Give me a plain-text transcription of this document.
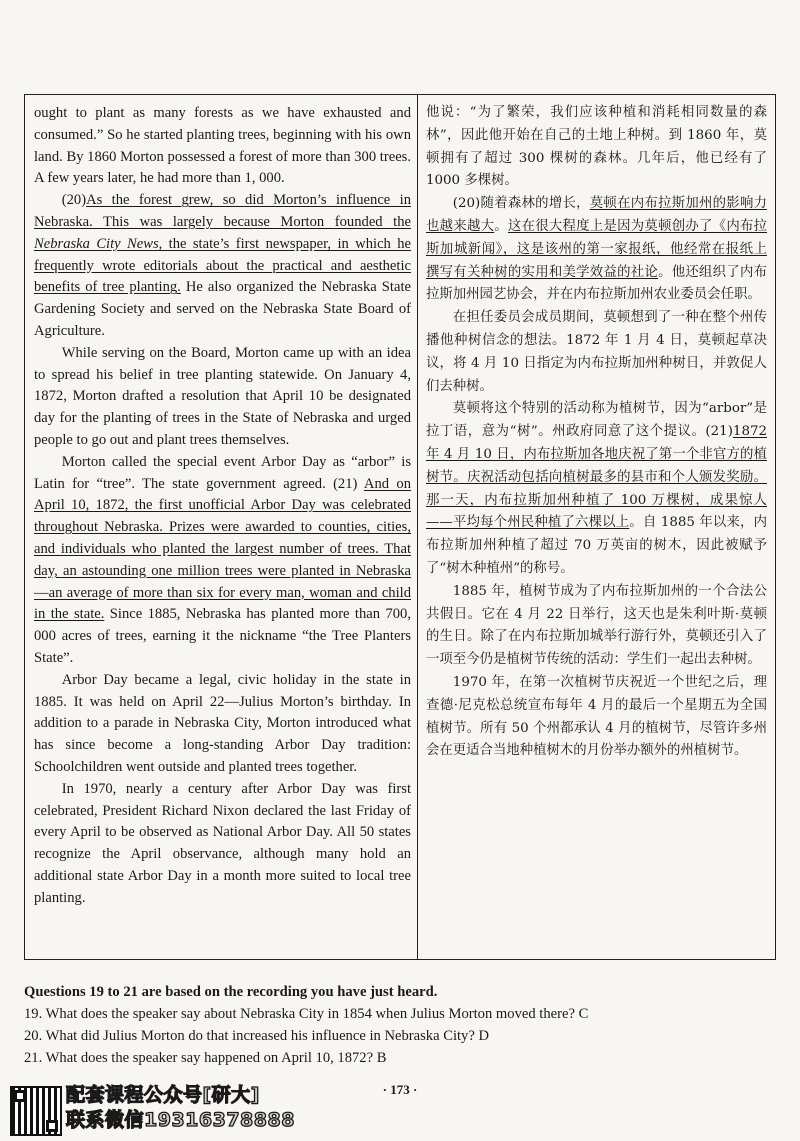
ought to plant as many forests as we have exhausted and consumed.” So he started planting trees, beginning with his own land. By 1860 Morton possessed a forest of more than 300 trees. A few years later, he had more than 1, 000.

(20)As the forest grew, so did Morton’s influence in Nebraska. This was largely because Morton founded the Nebraska City News, the state’s first newspaper, in which he frequently wrote editorials about the practical and aesthetic benefits of tree planting. He also organized the Nebraska State Gardening Society and served on the Nebraska State Board of Agriculture.

While serving on the Board, Morton came up with an idea to spread his belief in tree planting statewide. On January 4, 1872, Morton drafted a resolution that April 10 be designated day for the planting of trees in the State of Nebraska and urged people to go out and plant trees themselves.

Morton called the special event Arbor Day as “arbor” is Latin for “tree”. The state government agreed. (21) And on April 10, 1872, the first unofficial Arbor Day was celebrated throughout Nebraska. Prizes were awarded to counties, cities, and individuals who planted the largest number of trees. That day, an astounding one million trees were planted in Nebraska—an average of more than six for every man, woman and child in the state. Since 1885, Nebraska has planted more than 700, 000 acres of trees, earning it the nickname “the Tree Planters State”.

Arbor Day became a legal, civic holiday in the state in 1885. It was held on April 22—Julius Morton’s birthday. In addition to a parade in Nebraska City, Morton introduced what has since become a long-standing Arbor Day tradition: Schoolchildren went outside and planted trees together.

In 1970, nearly a century after Arbor Day was first celebrated, President Richard Nixon declared the last Friday of every April to be observed as National Arbor Day. All 50 states recognize the April observance, although many hold an additional state Arbor Day in a month more suited to local tree planting.

他说：“为了繁荣，我们应该种植和消耗相同数量的森林”，因此他开始在自己的土地上种树。到 1860 年，莫顿拥有了超过 300 棵树的森林。几年后，他已经有了 1000 多棵树。

(20)随着森林的增长，莫顿在内布拉斯加州的影响力也越来越大。这在很大程度上是因为莫顿创办了《内布拉斯加城新闻》，这是该州的第一家报纸，他经常在报纸上撰写有关种树的实用和美学效益的社论。他还组织了内布拉斯加州园艺协会，并在内布拉斯加州农业委员会任职。

在担任委员会成员期间，莫顿想到了一种在整个州传播他种树信念的想法。1872 年 1 月 4 日，莫顿起草决议，将 4 月 10 日指定为内布拉斯加州种树日，并敦促人们去种树。

莫顿将这个特别的活动称为植树节，因为“arbor”是拉丁语，意为“树”。州政府同意了这个提议。(21)1872 年 4 月 10 日，内布拉斯加各地庆祝了第一个非官方的植树节。庆祝活动包括向植树最多的县市和个人颁发奖励。那一天，内布拉斯加州种植了 100 万棵树，成果惊人——平均每个州民种植了六棵以上。自 1885 年以来，内布拉斯加州种植了超过 70 万英亩的树木，因此被赋予了“树木种植州”的称号。

1885 年，植树节成为了内布拉斯加州的一个合法公共假日。它在 4 月 22 日举行，这天也是朱利叶斯·莫顿的生日。除了在内布拉斯加城举行游行外，莫顿还引入了一项至今仍是植树节传统的活动：学生们一起出去种树。

1970 年，在第一次植树节庆祝近一个世纪之后，理查德·尼克松总统宣布每年 4 月的最后一个星期五为全国植树节。所有 50 个州都承认 4 月的植树节，尽管许多州会在更适合当地种植树木的月份举办额外的州植树节。

Questions 19 to 21 are based on the recording you have just heard.
19. What does the speaker say about Nebraska City in 1854 when Julius Morton moved there? C
20. What did Julius Morton do that increased his influence in Nebraska City? D
21. What does the speaker say happened on April 10, 1872? B
配套课程公众号[研大]
联系微信19316378888
· 173 ·
